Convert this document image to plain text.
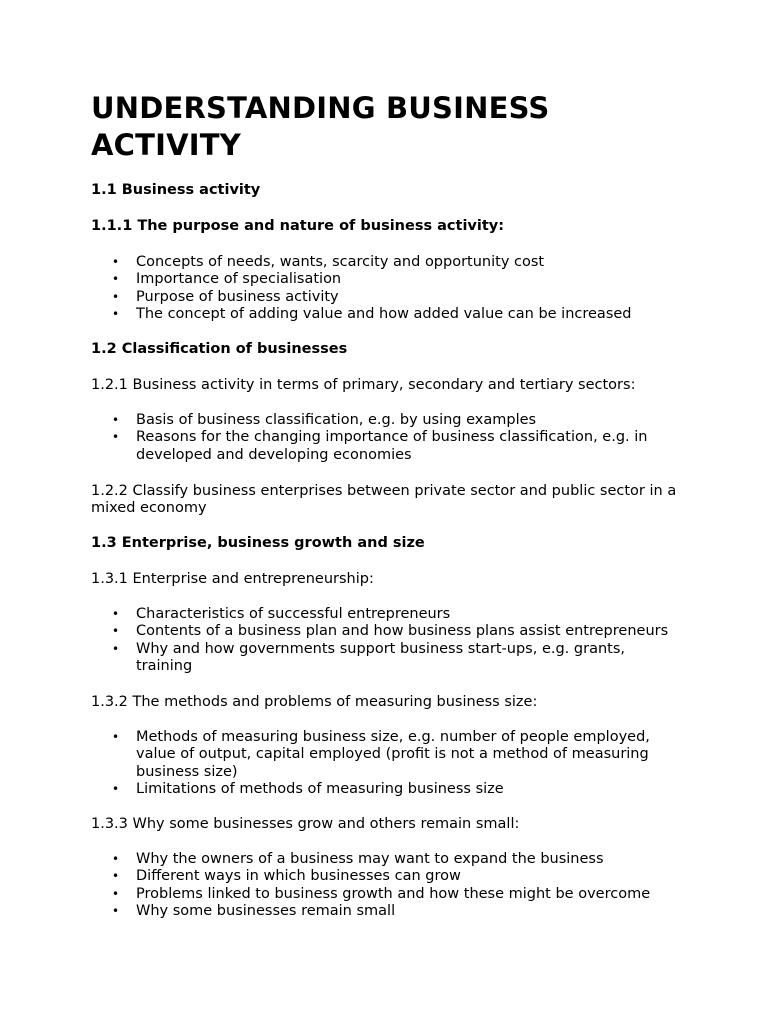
UNDERSTANDING BUSINESS ACTIVITY
1.1 Business activity
1.1.1 The purpose and nature of business activity:
• Concepts of needs, wants, scarcity and opportunity cost
• Importance of specialisation
• Purpose of business activity
• The concept of adding value and how added value can be increased
1.2 Classification of businesses

1.2.1 Business activity in terms of primary, secondary and tertiary sectors:

• Basis of business classification, e.g. by using examples
• Reasons for the changing importance of business classification, e.g. in developed and developing economies

1.2.2 Classify business enterprises between private sector and public sector in a mixed economy

1.3 Enterprise, business growth and size

1.3.1 Enterprise and entrepreneurship:

• Characteristics of successful entrepreneurs
• Contents of a business plan and how business plans assist entrepreneurs
• Why and how governments support business start-ups, e.g. grants, training

1.3.2 The methods and problems of measuring business size:

• Methods of measuring business size, e.g. number of people employed, value of output, capital employed (profit is not a method of measuring business size)
• Limitations of methods of measuring business size

1.3.3 Why some businesses grow and others remain small:

• Why the owners of a business may want to expand the business
• Different ways in which businesses can grow
• Problems linked to business growth and how these might be overcome
• Why some businesses remain small
